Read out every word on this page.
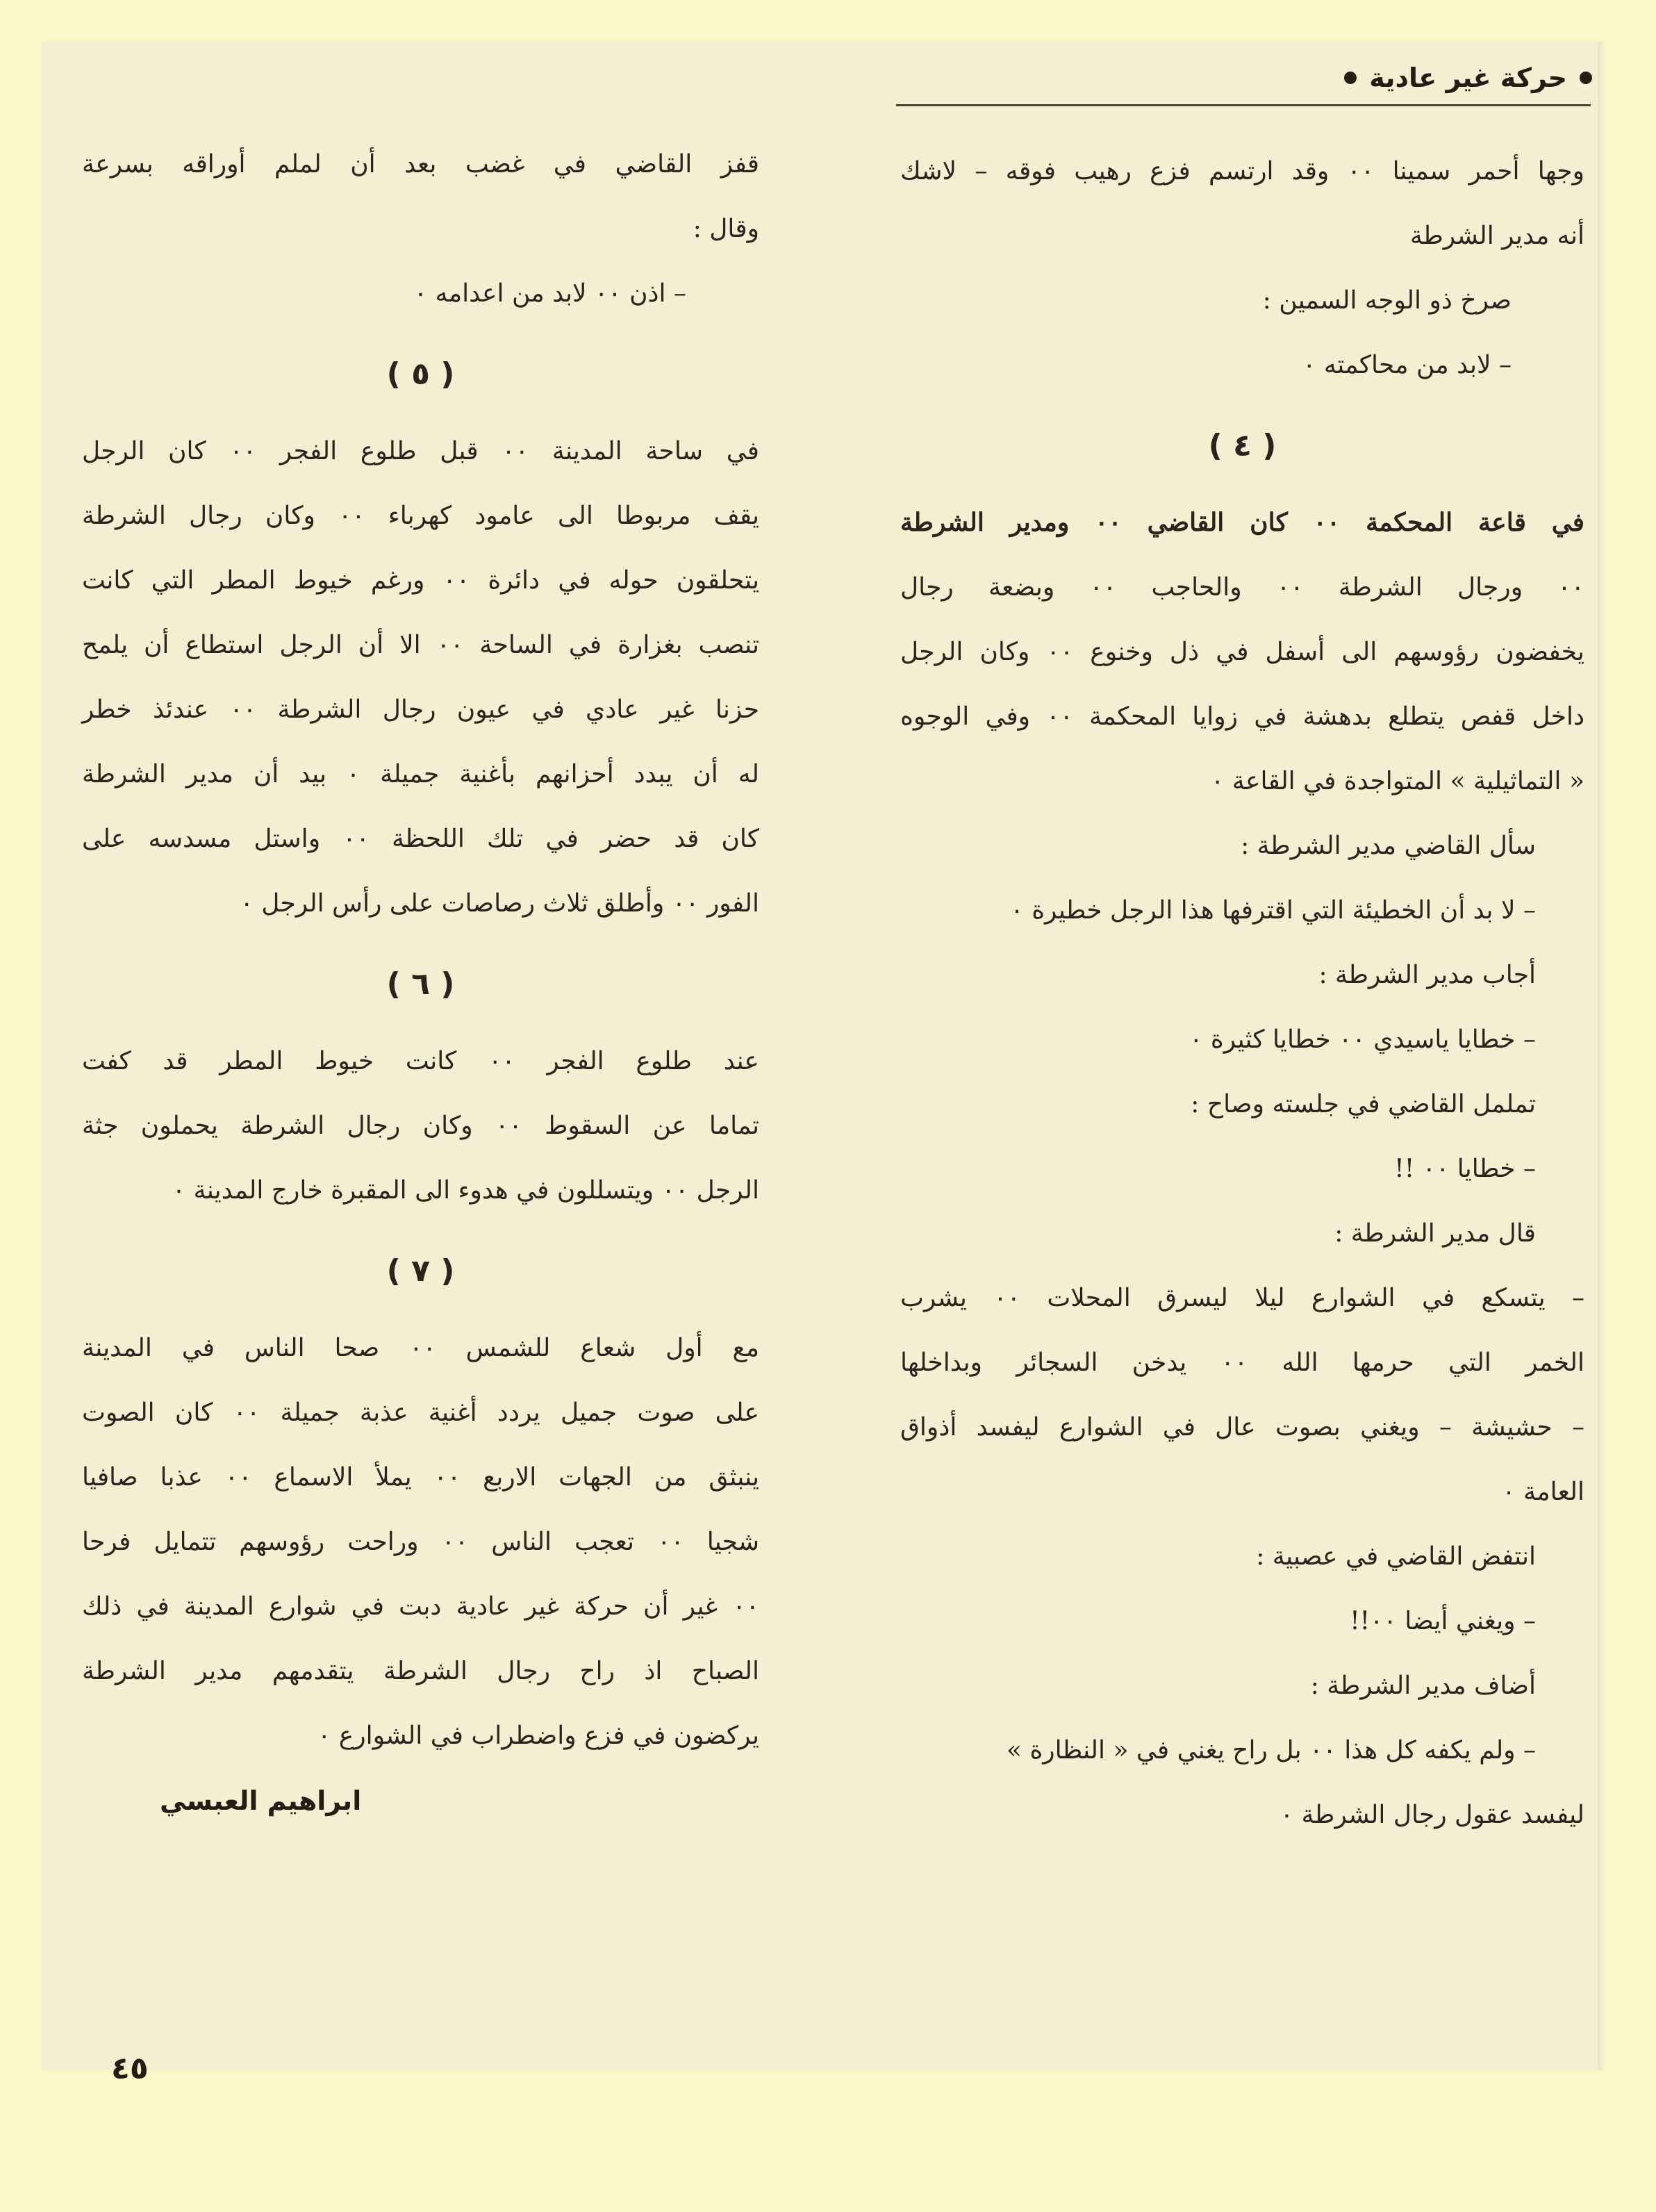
حركة غير عادية

وجها أحمر سمينا ٠٠ وقد ارتسم فزع رهيب فوقه – لاشك

أنه مدير الشرطة

صرخ ذو الوجه السمين :

– لابد من محاكمته ٠

( ٤ )

في قاعة المحكمة ٠٠ كان القاضي ٠٠ ومدير الشرطة

٠٠ ورجال الشرطة ٠٠ والحاجب ٠٠ وبضعة رجال

يخفضون رؤوسهم الى أسفل في ذل وخنوع ٠٠ وكان الرجل

داخل قفص يتطلع بدهشة في زوايا المحكمة ٠٠ وفي الوجوه

« التماثيلية » المتواجدة في القاعة ٠

سأل القاضي مدير الشرطة :

– لا بد أن الخطيئة التي اقترفها هذا الرجل خطيرة ٠

أجاب مدير الشرطة :

– خطايا ياسيدي ٠٠ خطايا كثيرة ٠

تململ القاضي في جلسته وصاح :

– خطايا ٠٠ !!

قال مدير الشرطة :

– يتسكع في الشوارع ليلا ليسرق المحلات ٠٠ يشرب

الخمر التي حرمها الله ٠٠ يدخن السجائر وبداخلها

– حشيشة – ويغني بصوت عال في الشوارع ليفسد أذواق

العامة ٠

انتفض القاضي في عصبية :

– ويغني أيضا ٠٠!!

أضاف مدير الشرطة :

– ولم يكفه كل هذا ٠٠ بل راح يغني في « النظارة »

ليفسد عقول رجال الشرطة ٠

قفز القاضي في غضب بعد أن لملم أوراقه بسرعة

وقال :

– اذن ٠٠ لابد من اعدامه ٠

( ٥ )

في ساحة المدينة ٠٠ قبل طلوع الفجر ٠٠ كان الرجل

يقف مربوطا الى عامود كهرباء ٠٠ وكان رجال الشرطة

يتحلقون حوله في دائرة ٠٠ ورغم خيوط المطر التي كانت

تنصب بغزارة في الساحة ٠٠ الا أن الرجل استطاع أن يلمح

حزنا غير عادي في عيون رجال الشرطة ٠٠ عندئذ خطر

له أن يبدد أحزانهم بأغنية جميلة ٠ بيد أن مدير الشرطة

كان قد حضر في تلك اللحظة ٠٠ واستل مسدسه على

الفور ٠٠ وأطلق ثلاث رصاصات على رأس الرجل ٠

( ٦ )

عند طلوع الفجر ٠٠ كانت خيوط المطر قد كفت

تماما عن السقوط ٠٠ وكان رجال الشرطة يحملون جثة

الرجل ٠٠ ويتسللون في هدوء الى المقبرة خارج المدينة ٠

( ٧ )

مع أول شعاع للشمس ٠٠ صحا الناس في المدينة

على صوت جميل يردد أغنية عذبة جميلة ٠٠ كان الصوت

ينبثق من الجهات الاربع ٠٠ يملأ الاسماع ٠٠ عذبا صافيا

شجيا ٠٠ تعجب الناس ٠٠ وراحت رؤوسهم تتمايل فرحا

٠٠ غير أن حركة غير عادية دبت في شوارع المدينة في ذلك

الصباح اذ راح رجال الشرطة يتقدمهم مدير الشرطة

يركضون في فزع واضطراب في الشوارع ٠

ابراهيم العبسي
٤٥
